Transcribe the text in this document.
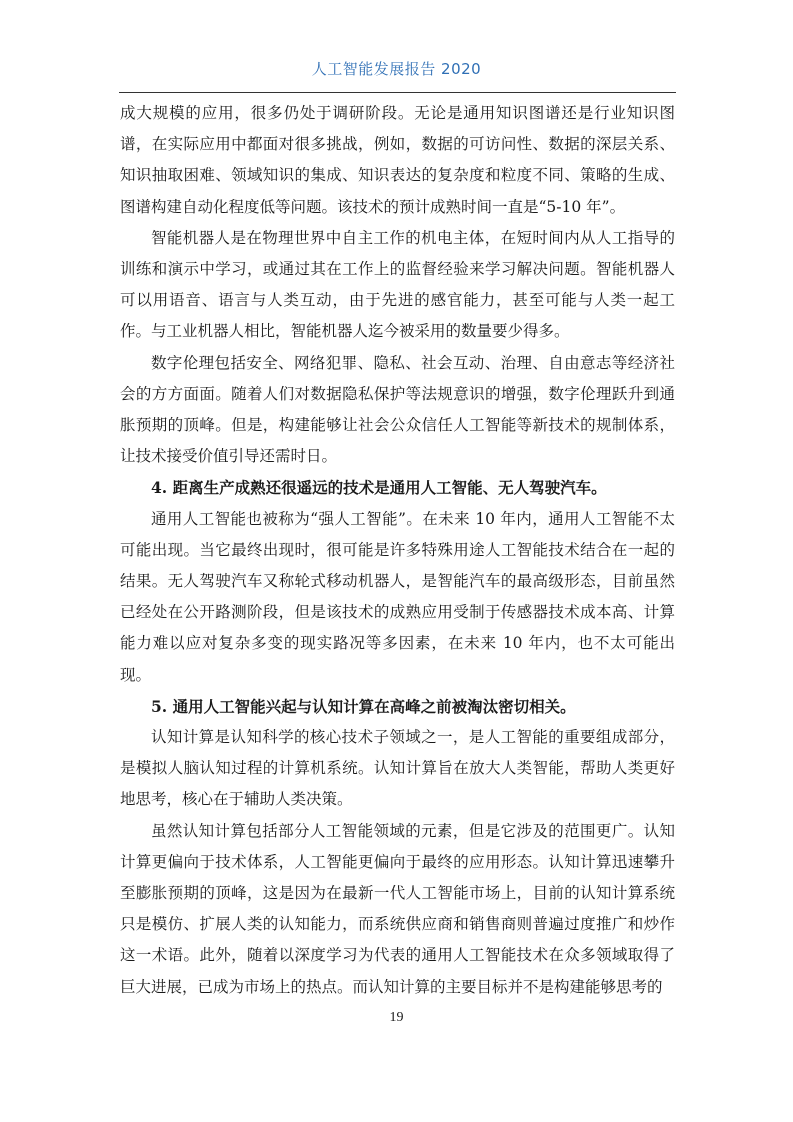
人工智能发展报告 2020

成大规模的应用，很多仍处于调研阶段。无论是通用知识图谱还是行业知识图谱，在实际应用中都面对很多挑战，例如，数据的可访问性、数据的深层关系、知识抽取困难、领域知识的集成、知识表达的复杂度和粒度不同、策略的生成、图谱构建自动化程度低等问题。该技术的预计成熟时间一直是“5-10 年”。

智能机器人是在物理世界中自主工作的机电主体，在短时间内从人工指导的训练和演示中学习，或通过其在工作上的监督经验来学习解决问题。智能机器人可以用语音、语言与人类互动，由于先进的感官能力，甚至可能与人类一起工作。与工业机器人相比，智能机器人迄今被采用的数量要少得多。

数字伦理包括安全、网络犯罪、隐私、社会互动、治理、自由意志等经济社会的方方面面。随着人们对数据隐私保护等法规意识的增强，数字伦理跃升到通胀预期的顶峰。但是，构建能够让社会公众信任人工智能等新技术的规制体系，让技术接受价值引导还需时日。

4. 距离生产成熟还很遥远的技术是通用人工智能、无人驾驶汽车。

通用人工智能也被称为“强人工智能”。在未来 10 年内，通用人工智能不太可能出现。当它最终出现时，很可能是许多特殊用途人工智能技术结合在一起的结果。无人驾驶汽车又称轮式移动机器人，是智能汽车的最高级形态，目前虽然已经处在公开路测阶段，但是该技术的成熟应用受制于传感器技术成本高、计算能力难以应对复杂多变的现实路况等多因素，在未来 10 年内，也不太可能出现。

5. 通用人工智能兴起与认知计算在高峰之前被淘汰密切相关。

认知计算是认知科学的核心技术子领域之一，是人工智能的重要组成部分，是模拟人脑认知过程的计算机系统。认知计算旨在放大人类智能，帮助人类更好地思考，核心在于辅助人类决策。

虽然认知计算包括部分人工智能领域的元素，但是它涉及的范围更广。认知计算更偏向于技术体系，人工智能更偏向于最终的应用形态。认知计算迅速攀升至膨胀预期的顶峰，这是因为在最新一代人工智能市场上，目前的认知计算系统只是模仿、扩展人类的认知能力，而系统供应商和销售商则普遍过度推广和炒作这一术语。此外，随着以深度学习为代表的通用人工智能技术在众多领域取得了巨大进展，已成为市场上的热点。而认知计算的主要目标并不是构建能够思考的

19
